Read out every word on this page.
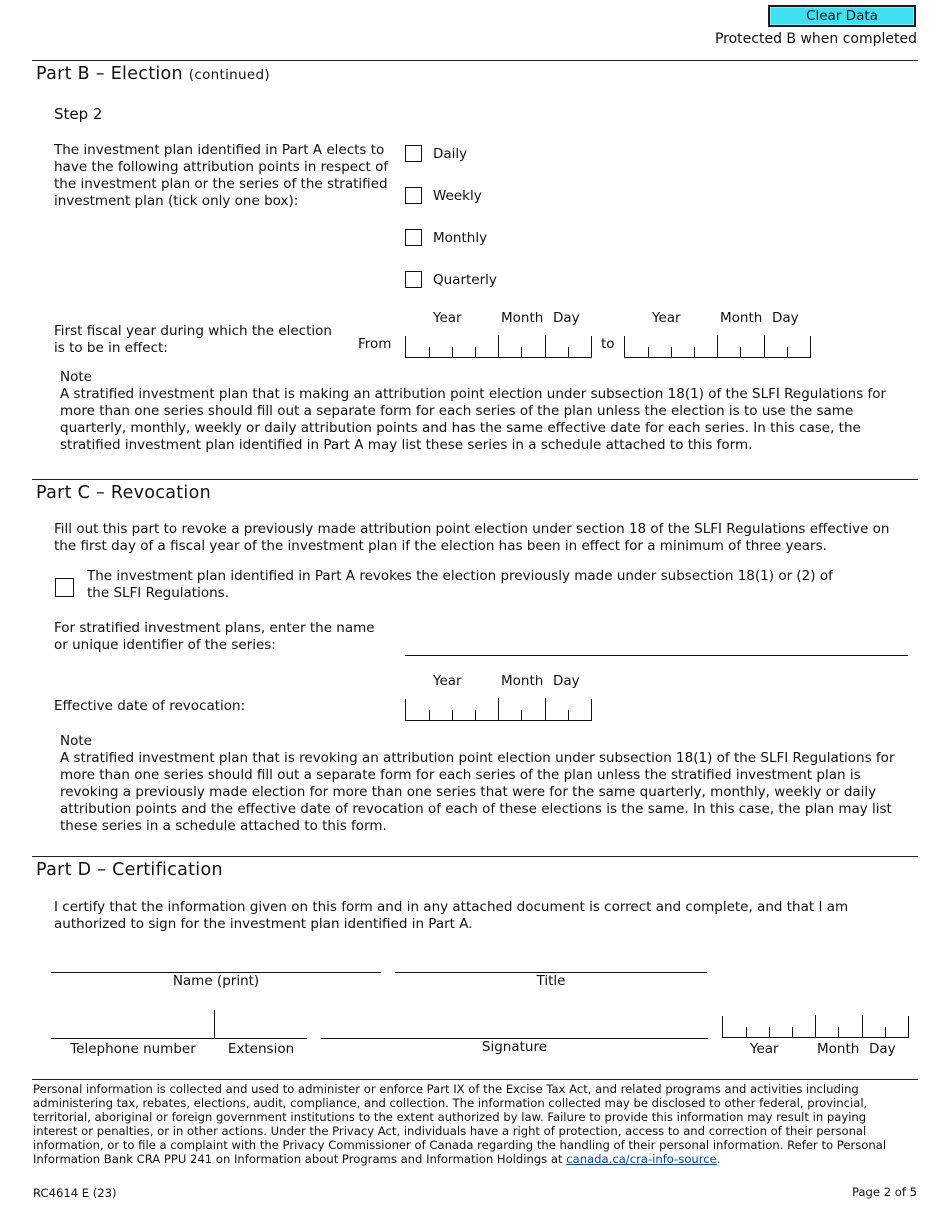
Clear Data
Protected B when completed
Part B – Election (continued)
Step 2
The investment plan identified in Part A elects to have the following attribution points in respect of the investment plan or the series of the stratified investment plan (tick only one box):
Daily
Weekly
Monthly
Quarterly
First fiscal year during which the election is to be in effect:	From
Year	Month Day
to
Year	Month Day
Note
A stratified investment plan that is making an attribution point election under subsection 18(1) of the SLFI Regulations for more than one series should fill out a separate form for each series of the plan unless the election is to use the same quarterly, monthly, weekly or daily attribution points and has the same effective date for each series. In this case, the stratified investment plan identified in Part A may list these series in a schedule attached to this form.
Part C – Revocation
Fill out this part to revoke a previously made attribution point election under section 18 of the SLFI Regulations effective on the first day of a fiscal year of the investment plan if the election has been in effect for a minimum of three years.
The investment plan identified in Part A revokes the election previously made under subsection 18(1) or (2) of the SLFI Regulations.
For stratified investment plans, enter the name or unique identifier of the series:
Year	Month Day
Effective date of revocation:
Note
A stratified investment plan that is revoking an attribution point election under subsection 18(1) of the SLFI Regulations for more than one series should fill out a separate form for each series of the plan unless the stratified investment plan is revoking a previously made election for more than one series that were for the same quarterly, monthly, weekly or daily attribution points and the effective date of revocation of each of these elections is the same. In this case, the plan may list these series in a schedule attached to this form.
Part D – Certification
I certify that the information given on this form and in any attached document is correct and complete, and that I am authorized to sign for the investment plan identified in Part A.
Name (print)	Title
Telephone number	Extension	Signature	Year	Month Day
Personal information is collected and used to administer or enforce Part IX of the Excise Tax Act, and related programs and activities including administering tax, rebates, elections, audit, compliance, and collection. The information collected may be disclosed to other federal, provincial, territorial, aboriginal or foreign government institutions to the extent authorized by law. Failure to provide this information may result in paying interest or penalties, or in other actions. Under the Privacy Act, individuals have a right of protection, access to and correction of their personal information, or to file a complaint with the Privacy Commissioner of Canada regarding the handling of their personal information. Refer to Personal Information Bank CRA PPU 241 on Information about Programs and Information Holdings at canada.ca/cra-info-source.
RC4614 E (23)	Page 2 of 5
